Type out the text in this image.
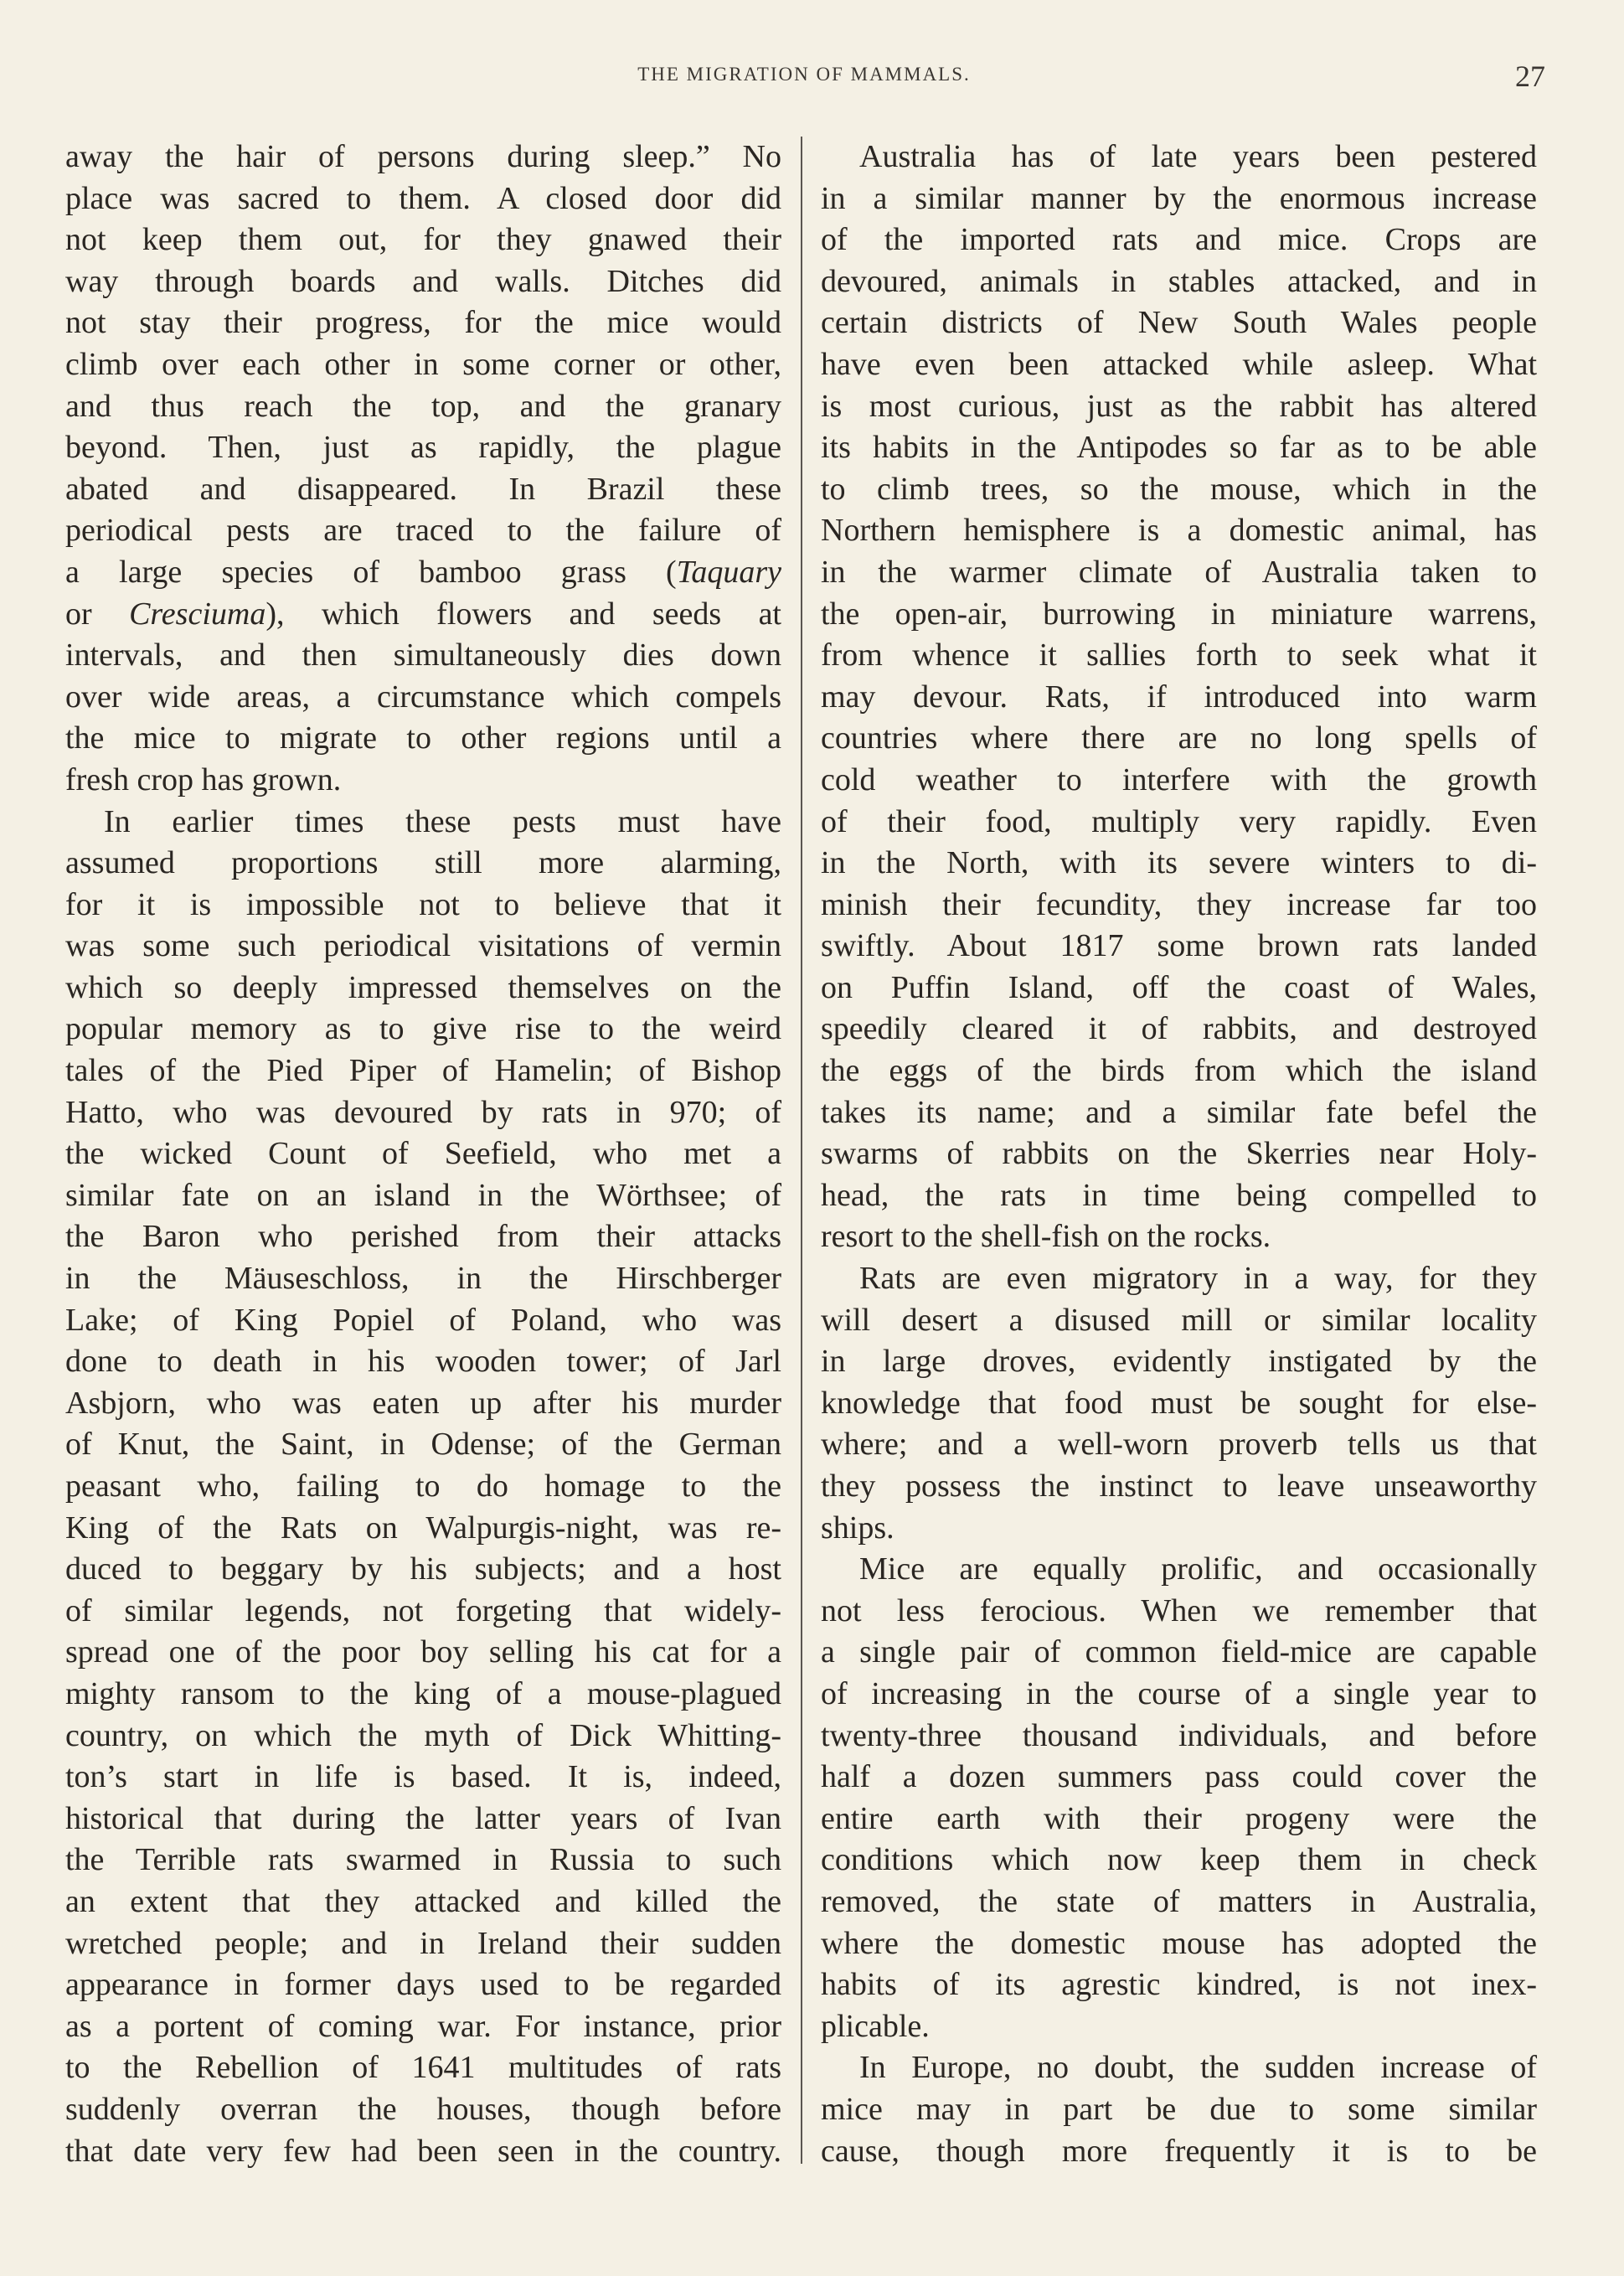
THE MIGRATION OF MAMMALS.	27
away the hair of persons during sleep.” No
place was sacred to them. A closed door did
not keep them out, for they gnawed their
way through boards and walls. Ditches did
not stay their progress, for the mice would
climb over each other in some corner or other,
and thus reach the top, and the granary
beyond. Then, just as rapidly, the plague
abated and disappeared. In Brazil these
periodical pests are traced to the failure of
a large species of bamboo grass (Taquary
or Cresciuma), which flowers and seeds at
intervals, and then simultaneously dies down
over wide areas, a circumstance which compels
the mice to migrate to other regions until a
fresh crop has grown.
In earlier times these pests must have
assumed proportions still more alarming,
for it is impossible not to believe that it
was some such periodical visitations of vermin
which so deeply impressed themselves on the
popular memory as to give rise to the weird
tales of the Pied Piper of Hamelin; of Bishop
Hatto, who was devoured by rats in 970; of
the wicked Count of Seefield, who met a
similar fate on an island in the Wörthsee; of
the Baron who perished from their attacks
in the Mäuseschloss, in the Hirschberger
Lake; of King Popiel of Poland, who was
done to death in his wooden tower; of Jarl
Asbjorn, who was eaten up after his murder
of Knut, the Saint, in Odense; of the German
peasant who, failing to do homage to the
King of the Rats on Walpurgis-night, was re-
duced to beggary by his subjects; and a host
of similar legends, not forgeting that widely-
spread one of the poor boy selling his cat for a
mighty ransom to the king of a mouse-plagued
country, on which the myth of Dick Whitting-
ton’s start in life is based. It is, indeed,
historical that during the latter years of Ivan
the Terrible rats swarmed in Russia to such
an extent that they attacked and killed the
wretched people; and in Ireland their sudden
appearance in former days used to be regarded
as a portent of coming war. For instance, prior
to the Rebellion of 1641 multitudes of rats
suddenly overran the houses, though before
that date very few had been seen in the country.
Australia has of late years been pestered
in a similar manner by the enormous increase
of the imported rats and mice. Crops are
devoured, animals in stables attacked, and in
certain districts of New South Wales people
have even been attacked while asleep. What
is most curious, just as the rabbit has altered
its habits in the Antipodes so far as to be able
to climb trees, so the mouse, which in the
Northern hemisphere is a domestic animal, has
in the warmer climate of Australia taken to
the open-air, burrowing in miniature warrens,
from whence it sallies forth to seek what it
may devour. Rats, if introduced into warm
countries where there are no long spells of
cold weather to interfere with the growth
of their food, multiply very rapidly. Even
in the North, with its severe winters to di-
minish their fecundity, they increase far too
swiftly. About 1817 some brown rats landed
on Puffin Island, off the coast of Wales,
speedily cleared it of rabbits, and destroyed
the eggs of the birds from which the island
takes its name; and a similar fate befel the
swarms of rabbits on the Skerries near Holy-
head, the rats in time being compelled to
resort to the shell-fish on the rocks.
Rats are even migratory in a way, for they
will desert a disused mill or similar locality
in large droves, evidently instigated by the
knowledge that food must be sought for else-
where; and a well-worn proverb tells us that
they possess the instinct to leave unseaworthy
ships.
Mice are equally prolific, and occasionally
not less ferocious. When we remember that
a single pair of common field-mice are capable
of increasing in the course of a single year to
twenty-three thousand individuals, and before
half a dozen summers pass could cover the
entire earth with their progeny were the
conditions which now keep them in check
removed, the state of matters in Australia,
where the domestic mouse has adopted the
habits of its agrestic kindred, is not inex-
plicable.
In Europe, no doubt, the sudden increase of
mice may in part be due to some similar
cause, though more frequently it is to be
